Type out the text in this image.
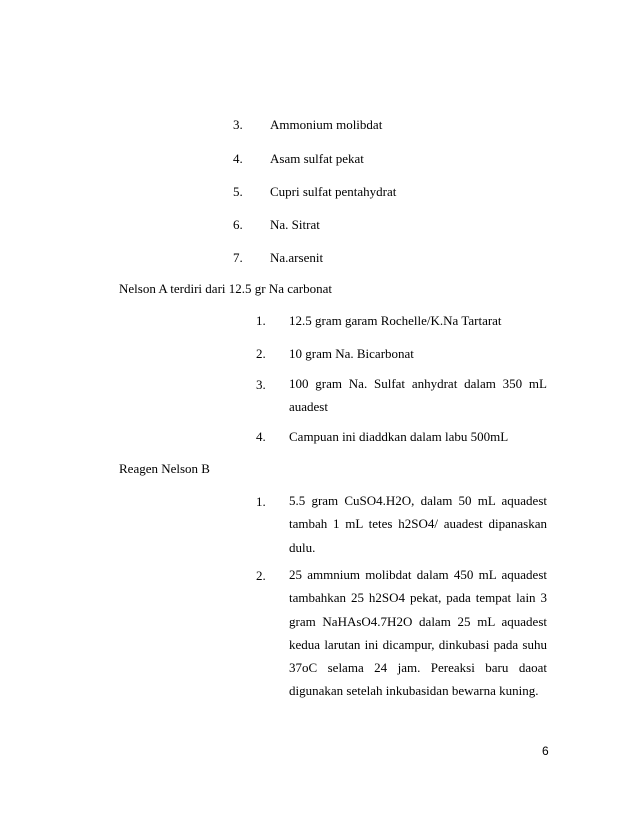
3.	Ammonium molibdat
4.	Asam sulfat pekat
5.	Cupri sulfat pentahydrat
6.	Na. Sitrat
7.	Na.arsenit
Nelson A terdiri dari 12.5 gr Na carbonat
1.	12.5 gram garam Rochelle/K.Na Tartarat
2.	10 gram Na. Bicarbonat
3.	100 gram Na. Sulfat anhydrat dalam 350 mL auadest
4.	Campuan ini diaddkan dalam labu 500mL
Reagen Nelson B
1.	5.5 gram CuSO4.H2O, dalam 50 mL aquadest tambah 1 mL tetes h2SO4/ auadest dipanaskan dulu.
2.	25 ammnium molibdat dalam 450 mL aquadest tambahkan 25 h2SO4 pekat, pada tempat lain 3 gram NaHAsO4.7H2O dalam 25 mL aquadest kedua larutan ini dicampur, dinkubasi pada suhu 37oC selama 24 jam. Pereaksi baru daoat digunakan setelah inkubasidan bewarna kuning.
6
